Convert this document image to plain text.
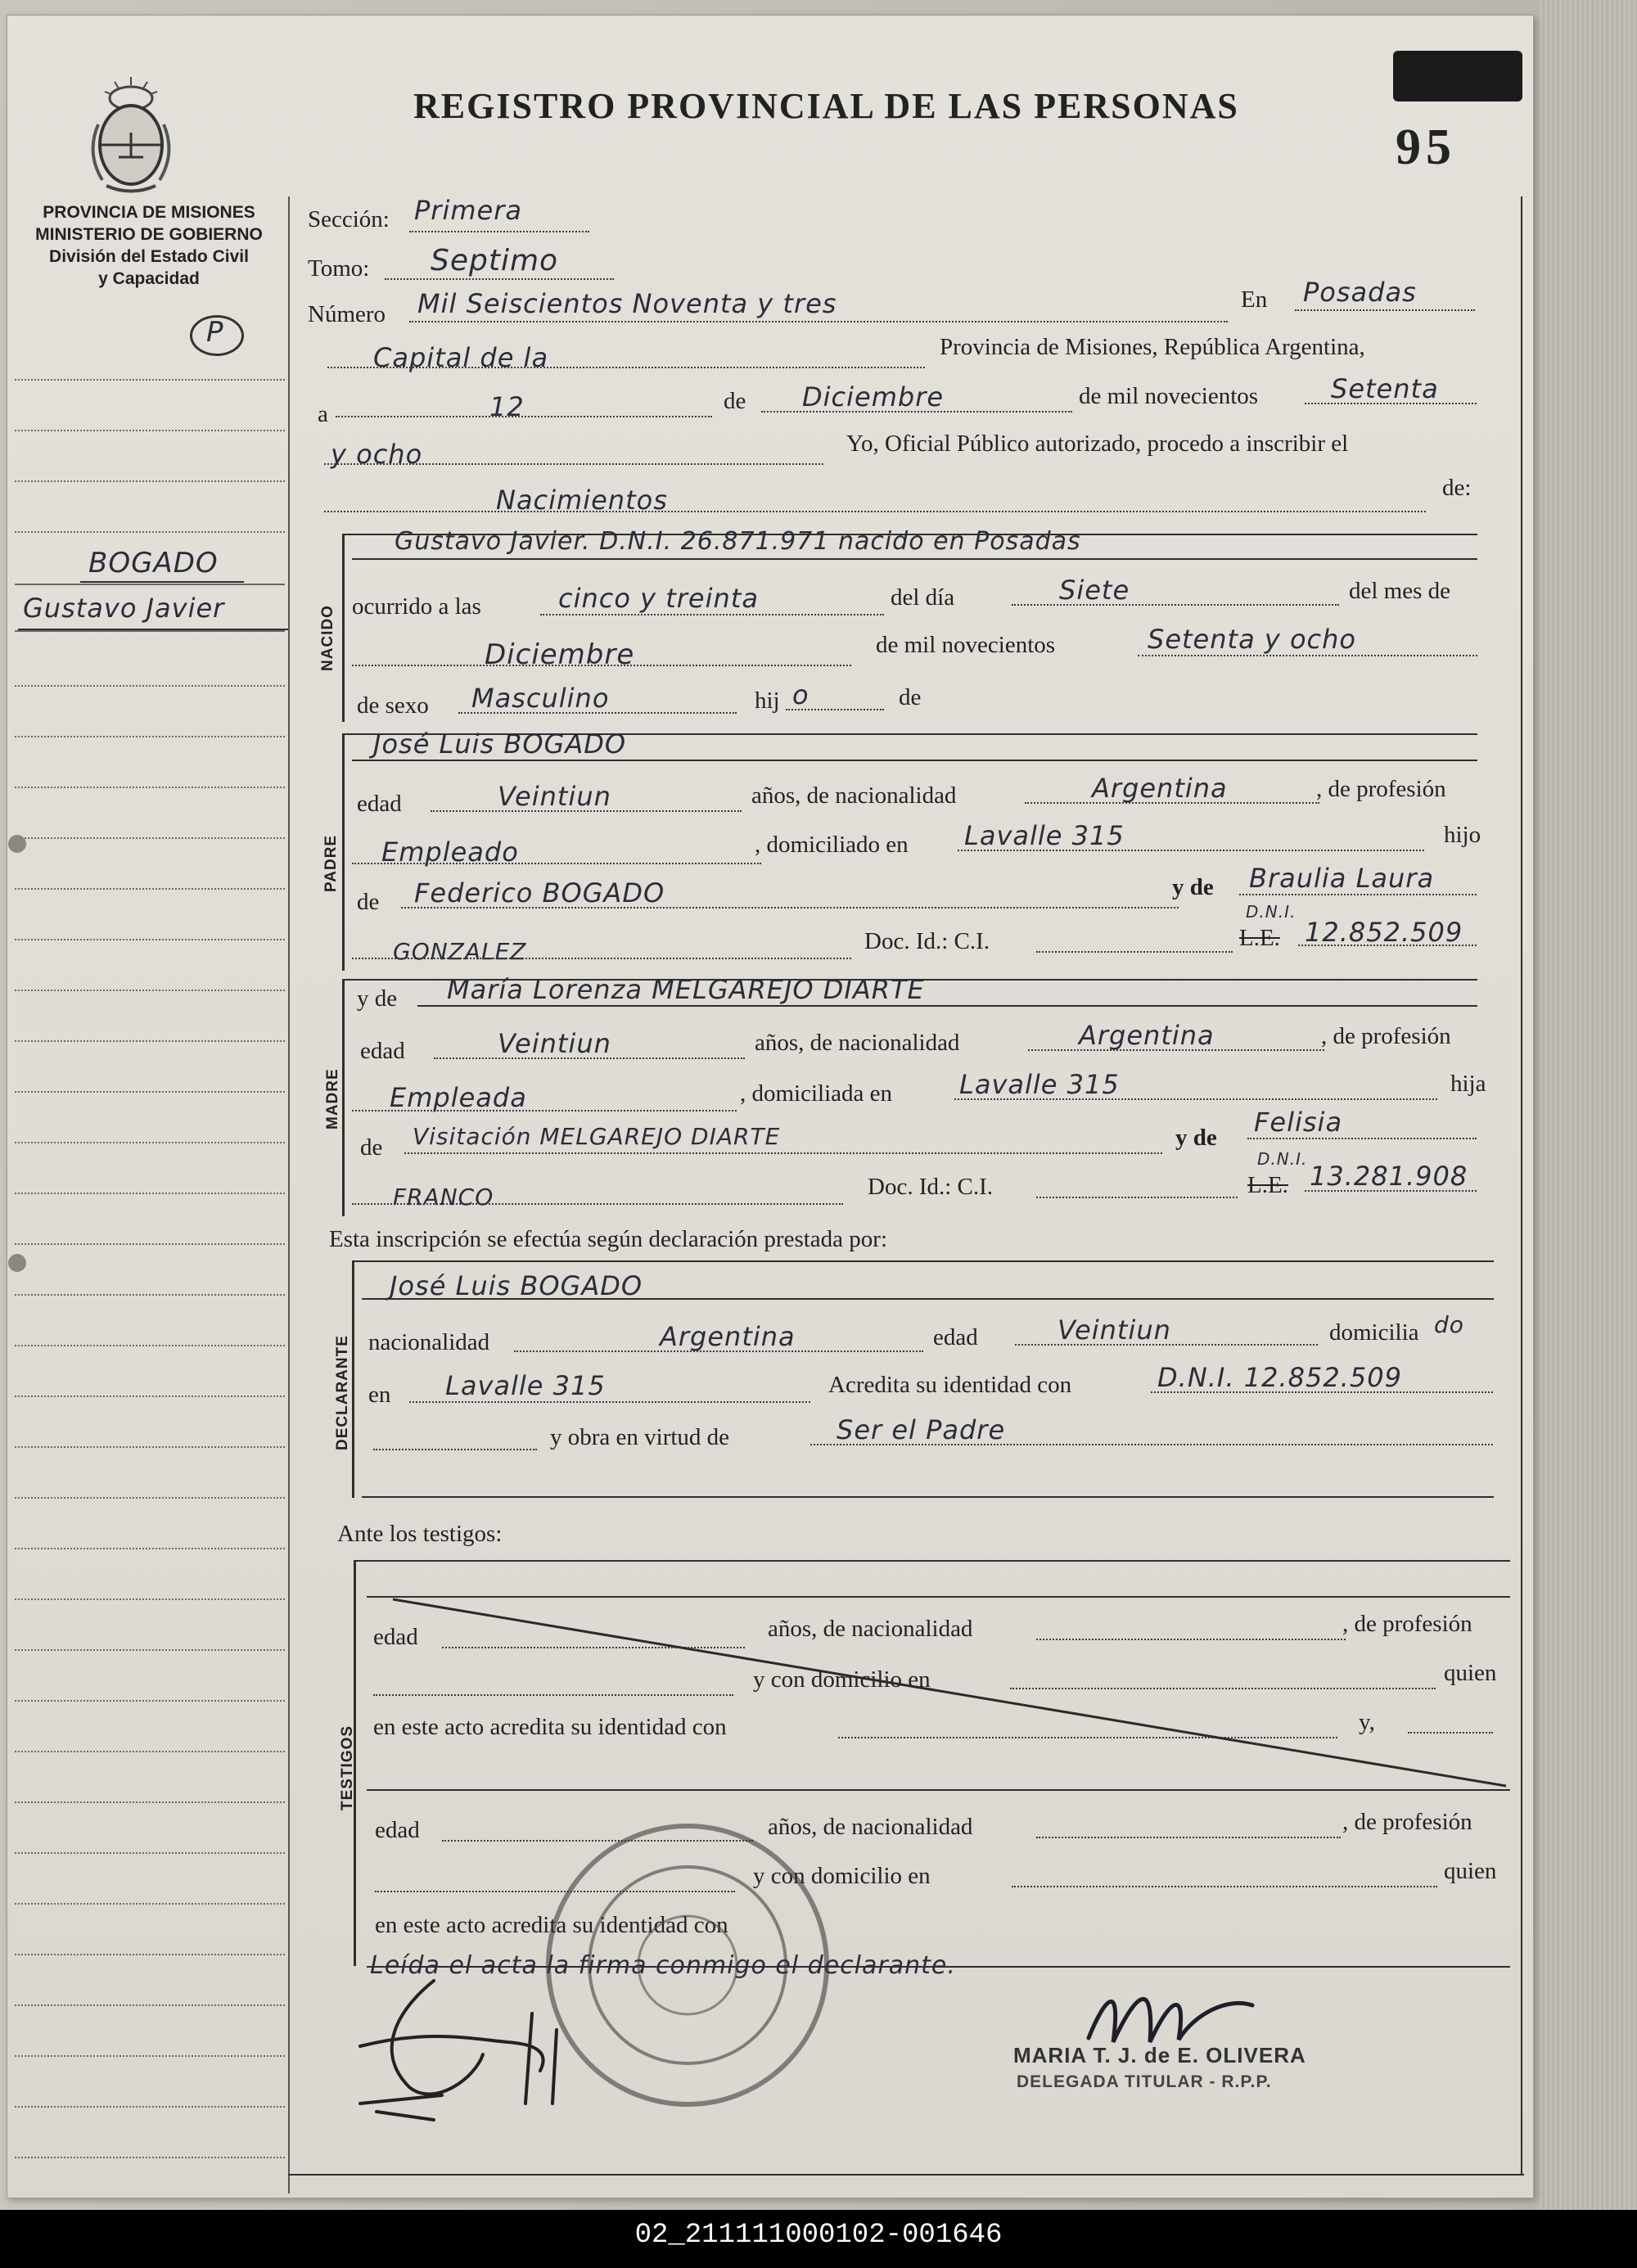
REGISTRO PROVINCIAL DE LAS PERSONAS
95
PROVINCIA DE MISIONES
MINISTERIO DE GOBIERNO
División del Estado Civil
y Capacidad
P
BOGADO
Gustavo Javier
Sección: Primera
Tomo: Septimo
Número Mil Seiscientos Noventa y tres	En Posadas
Capital de la	Provincia de Misiones, República Argentina,
a	12	de Diciembre	de mil novecientos	Setenta
y ocho	Yo, Oficial Público autorizado, procedo a inscribir el
Nacimientos	de:
NACIDO
Gustavo Javier. D.N.I. 26.871.971 nacido en Posadas
ocurrido a las	cinco y treinta	del día	Siete	del mes de
Diciembre	de mil novecientos	Setenta y ocho
de sexo Masculino	hij o	de
PADRE
José Luis BOGADO
edad	Veintiun	años, de nacionalidad	Argentina	, de profesión
Empleado	, domiciliado en Lavalle 315	hijo
de Federico BOGADO	y de Braulia Laura
GONZALEZ	Doc. Id.: C.I.
D.N.I.
L.E. 12.852.509
MADRE
y de María Lorenza MELGAREJO DIARTE
edad	Veintiun	años, de nacionalidad	Argentina	, de profesión
Empleada	, domiciliada en	Lavalle 315	hija
de Visitación MELGAREJO DIARTE	y de Felisia
FRANCO	Doc. Id.: C.I.
D.N.I.
L.E. 13.281.908
Esta inscripción se efectúa según declaración prestada por:
DECLARANTE
José Luis BOGADO
nacionalidad	Argentina	edad	Veintiun	domicilia do
en Lavalle 315	Acredita su identidad con	D.N.I. 12.852.509
y obra en virtud de	Ser el Padre
Ante los testigos:
TESTIGOS
edad	años, de nacionalidad	, de profesión
y con domicilio en	quien
en este acto acredita su identidad con	y,
edad	años, de nacionalidad	, de profesión
y con domicilio en	quien
en este acto acredita su identidad con
Leída el acta la firma conmigo el declarante.
MARIA T. J. de E. OLIVERA
DELEGADA TITULAR - R.P.P.
02_211111000102-001646
